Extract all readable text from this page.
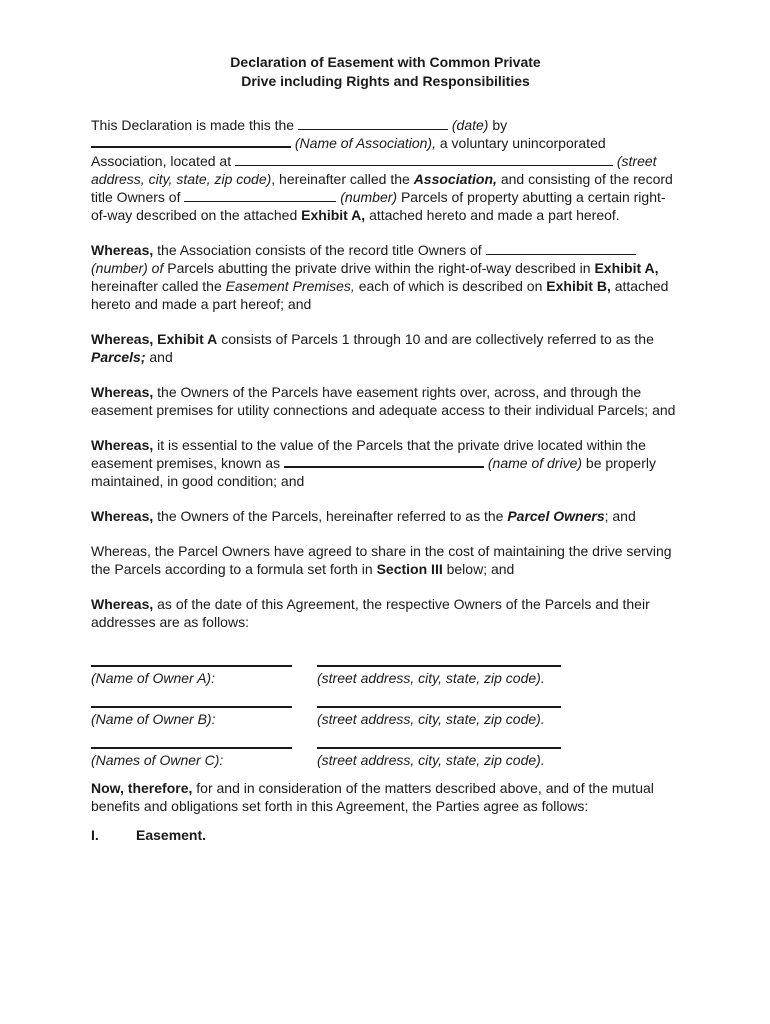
Declaration of Easement with Common Private
Drive including Rights and Responsibilities

This Declaration is made this the	(date) by  (Name of Association), a voluntary unincorporated Association, located at	(street address, city, state, zip code), hereinafter called the Association, and consisting of the record title Owners of	(number) Parcels of property abutting a certain right-of-way described on the attached Exhibit A, attached hereto and made a part hereof.

Whereas, the Association consists of the record title Owners of  (number) of Parcels abutting the private drive within the right-of-way described in Exhibit A, hereinafter called the Easement Premises, each of which is described on Exhibit B, attached hereto and made a part hereof; and

Whereas, Exhibit A consists of Parcels 1 through 10 and are collectively referred to as the Parcels; and

Whereas, the Owners of the Parcels have easement rights over, across, and through the easement premises for utility connections and adequate access to their individual Parcels; and

Whereas, it is essential to the value of the Parcels that the private drive located within the easement premises, known as	(name of drive) be properly maintained, in good condition; and

Whereas, the Owners of the Parcels, hereinafter referred to as the Parcel Owners; and

Whereas, the Parcel Owners have agreed to share in the cost of maintaining the drive serving the Parcels according to a formula set forth in Section III below; and

Whereas, as of the date of this Agreement, the respective Owners of the Parcels and their addresses are as follows:

(Name of Owner A):	(street address, city, state, zip code).
(Name of Owner B):	(street address, city, state, zip code).
(Names of Owner C):	(street address, city, state, zip code).

Now, therefore, for and in consideration of the matters described above, and of the mutual benefits and obligations set forth in this Agreement, the Parties agree as follows:

I.	Easement.
